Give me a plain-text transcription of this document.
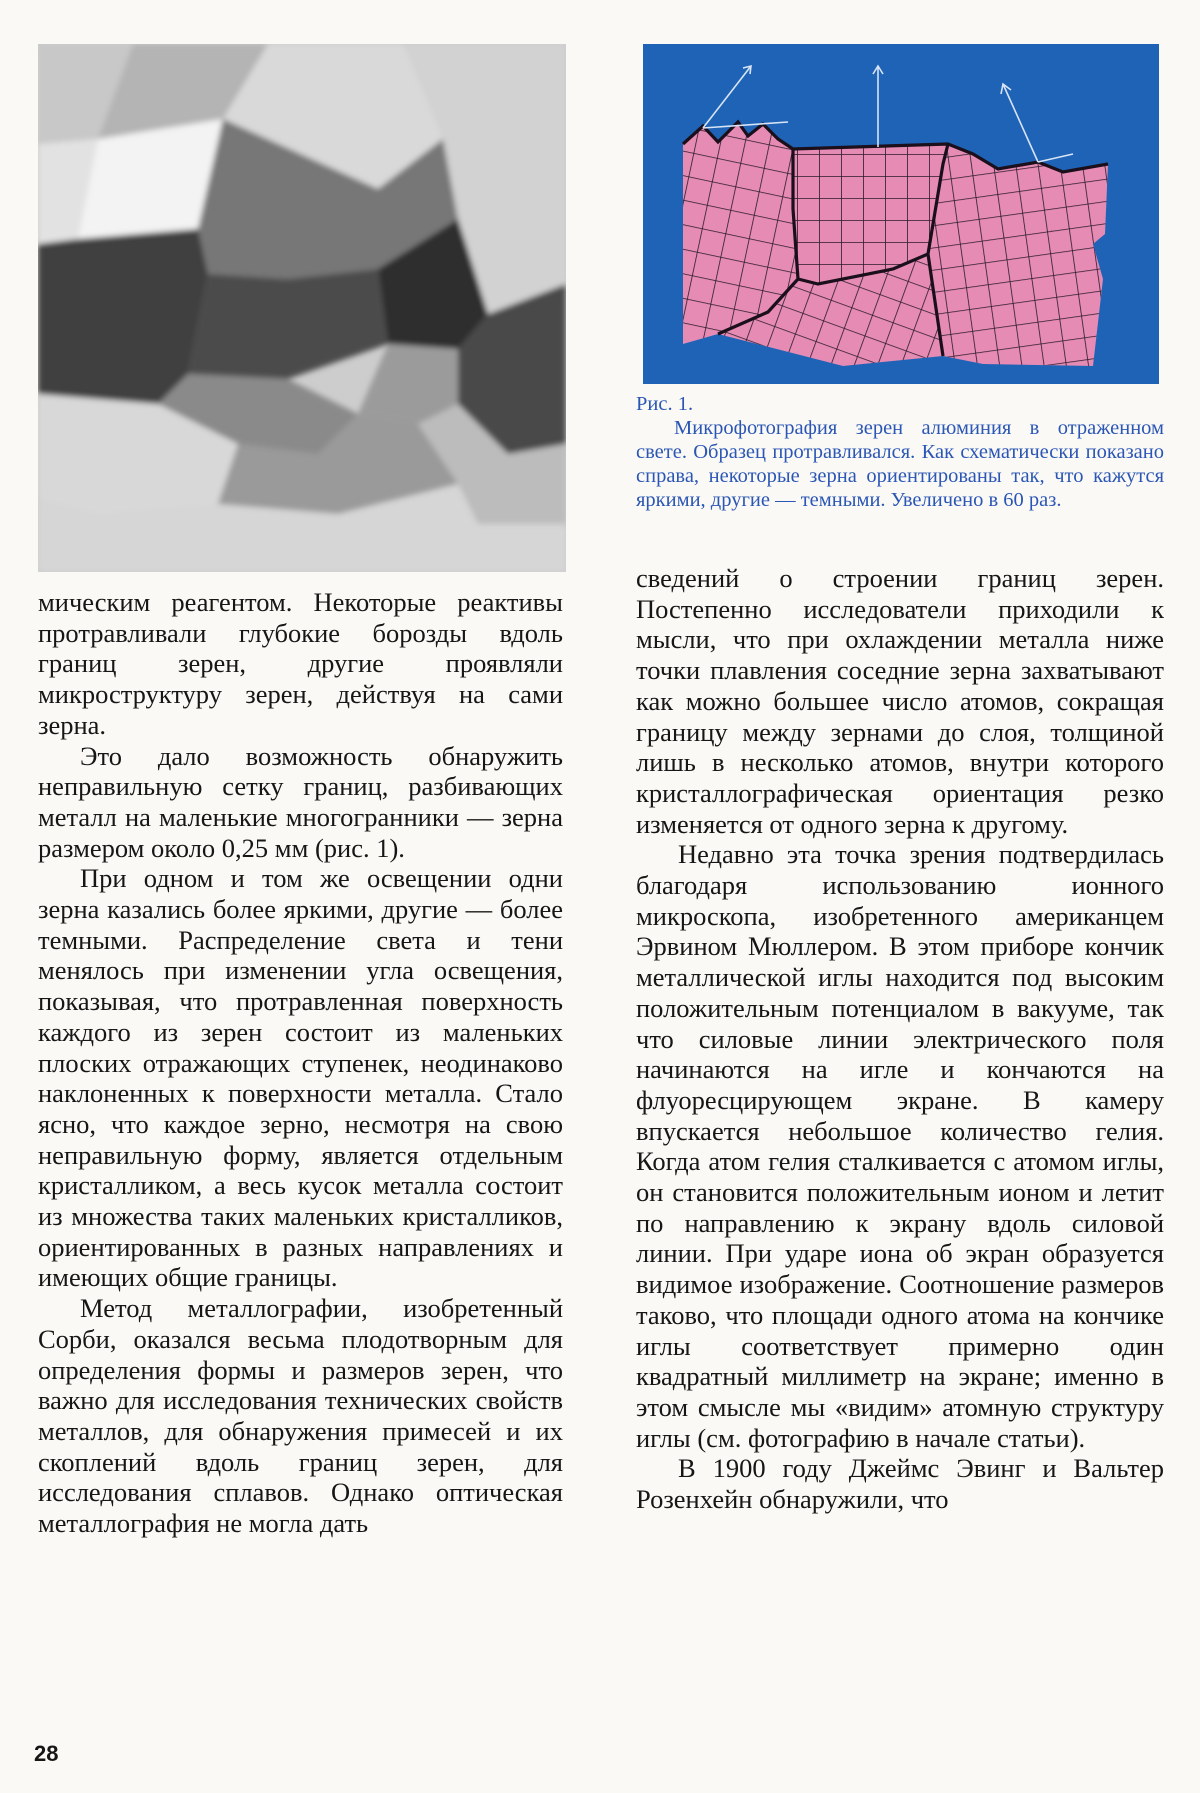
Рис. 1.
Микрофотография зерен алюминия в отраженном свете. Образец протравливался. Как схематически показано справа, некоторые зерна ориентированы так, что кажутся яркими, другие — темными. Увеличено в 60 раз.

мическим реагентом. Некоторые реактивы протравливали глубокие борозды вдоль границ зерен, другие проявляли микроструктуру зерен, действуя на сами зерна.

Это дало возможность обнаружить неправильную сетку границ, разбивающих металл на маленькие многогранники — зерна размером около 0,25 мм (рис. 1).

При одном и том же освещении одни зерна казались более яркими, другие — более темными. Распределение света и тени менялось при изменении угла освещения, показывая, что протравленная поверхность каждого из зерен состоит из маленьких плоских отражающих ступенек, неодинаково наклоненных к поверхности металла. Стало ясно, что каждое зерно, несмотря на свою неправильную форму, является отдельным кристалликом, а весь кусок металла состоит из множества таких маленьких кристалликов, ориентированных в разных направлениях и имеющих общие границы.

Метод металлографии, изобретенный Сорби, оказался весьма плодотворным для определения формы и размеров зерен, что важно для исследования технических свойств металлов, для обнаружения примесей и их скоплений вдоль границ зерен, для исследования сплавов. Однако оптическая металлография не могла дать

сведений о строении границ зерен. Постепенно исследователи приходили к мысли, что при охлаждении металла ниже точки плавления соседние зерна захватывают как можно большее число атомов, сокращая границу между зернами до слоя, толщиной лишь в несколько атомов, внутри которого кристаллографическая ориентация резко изменяется от одного зерна к другому.

Недавно эта точка зрения подтвердилась благодаря использованию ионного микроскопа, изобретенного американцем Эрвином Мюллером. В этом приборе кончик металлической иглы находится под высоким положительным потенциалом в вакууме, так что силовые линии электрического поля начинаются на игле и кончаются на флуоресцирующем экране. В камеру впускается небольшое количество гелия. Когда атом гелия сталкивается с атомом иглы, он становится положительным ионом и летит по направлению к экрану вдоль силовой линии. При ударе иона об экран образуется видимое изображение. Соотношение размеров таково, что площади одного атома на кончике иглы соответствует примерно один квадратный миллиметр на экране; именно в этом смысле мы «видим» атомную структуру иглы (см. фотографию в начале статьи).

В 1900 году Джеймс Эвинг и Вальтер Розенхейн обнаружили, что

28
